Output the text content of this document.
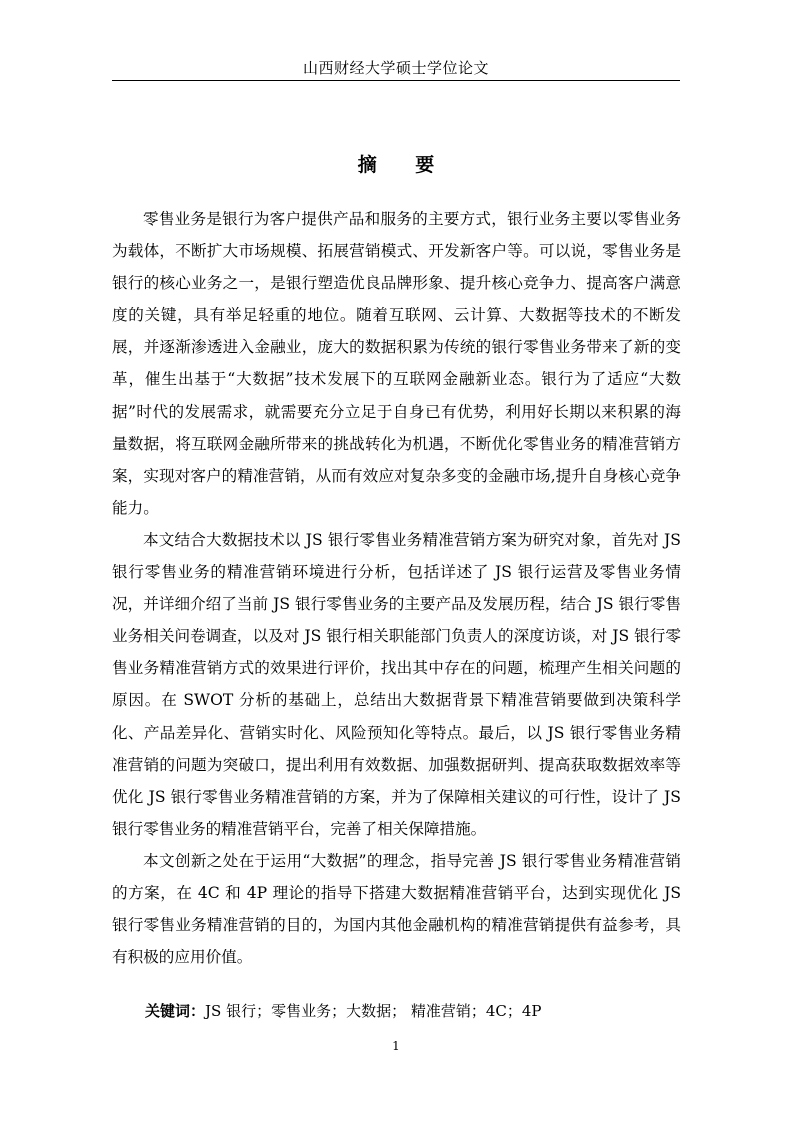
山西财经大学硕士学位论文
摘 要

零售业务是银行为客户提供产品和服务的主要方式，银行业务主要以零售业务为载体，不断扩大市场规模、拓展营销模式、开发新客户等。可以说，零售业务是银行的核心业务之一，是银行塑造优良品牌形象、提升核心竞争力、提高客户满意度的关键，具有举足轻重的地位。随着互联网、云计算、大数据等技术的不断发展，并逐渐渗透进入金融业，庞大的数据积累为传统的银行零售业务带来了新的变革，催生出基于“大数据”技术发展下的互联网金融新业态。银行为了适应“大数据”时代的发展需求，就需要充分立足于自身已有优势，利用好长期以来积累的海量数据，将互联网金融所带来的挑战转化为机遇，不断优化零售业务的精准营销方案，实现对客户的精准营销，从而有效应对复杂多变的金融市场,提升自身核心竞争能力。

本文结合大数据技术以 JS 银行零售业务精准营销方案为研究对象，首先对 JS 银行零售业务的精准营销环境进行分析，包括详述了 JS 银行运营及零售业务情况，并详细介绍了当前 JS 银行零售业务的主要产品及发展历程，结合 JS 银行零售业务相关问卷调查，以及对 JS 银行相关职能部门负责人的深度访谈，对 JS 银行零售业务精准营销方式的效果进行评价，找出其中存在的问题，梳理产生相关问题的原因。在 SWOT 分析的基础上，总结出大数据背景下精准营销要做到决策科学化、产品差异化、营销实时化、风险预知化等特点。最后，以 JS 银行零售业务精准营销的问题为突破口，提出利用有效数据、加强数据研判、提高获取数据效率等优化 JS 银行零售业务精准营销的方案，并为了保障相关建议的可行性，设计了 JS 银行零售业务的精准营销平台，完善了相关保障措施。

本文创新之处在于运用“大数据”的理念，指导完善 JS 银行零售业务精准营销的方案，在 4C 和 4P 理论的指导下搭建大数据精准营销平台，达到实现优化 JS 银行零售业务精准营销的目的，为国内其他金融机构的精准营销提供有益参考，具有积极的应用价值。

关键词：JS 银行；零售业务；大数据； 精准营销；4C；4P
1
